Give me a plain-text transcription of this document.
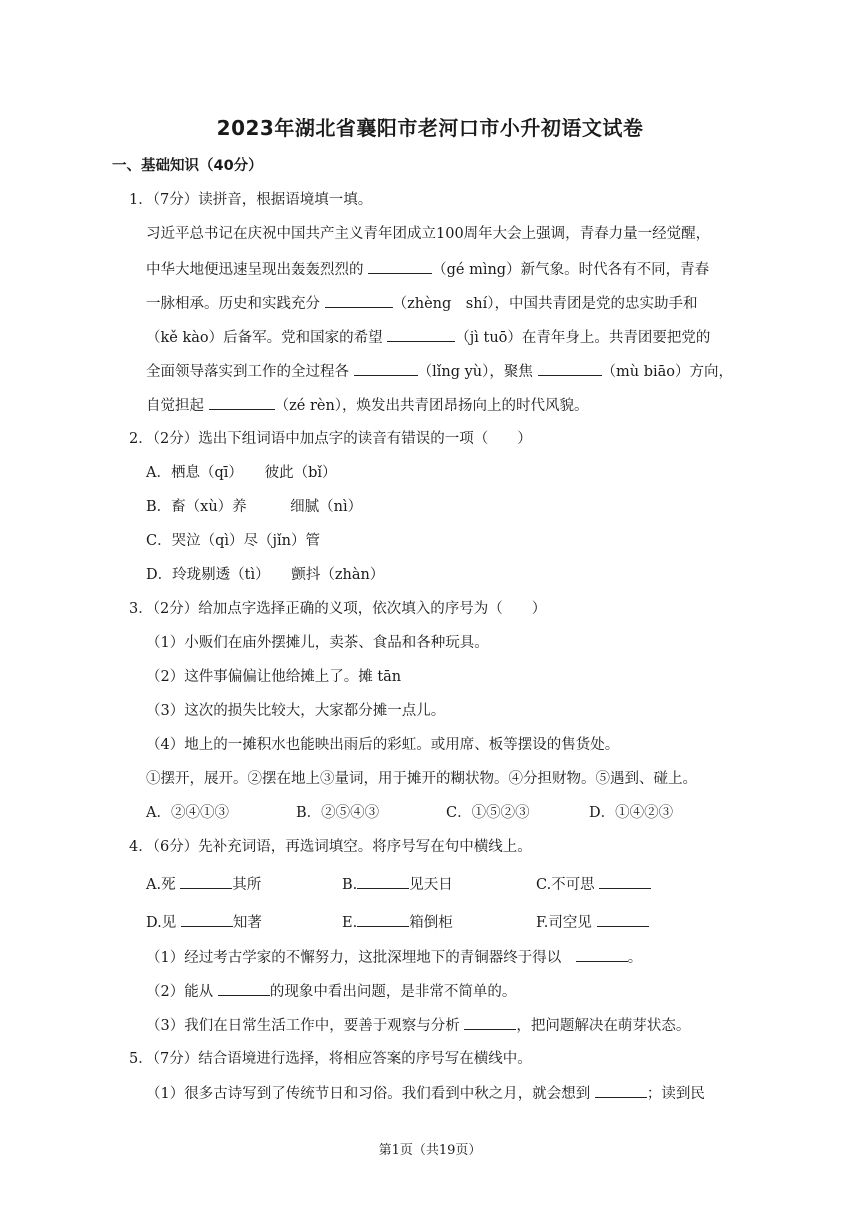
2023年湖北省襄阳市老河口市小升初语文试卷
一、基础知识（40分）
1．（7分）读拼音，根据语境填一填。
习近平总书记在庆祝中国共产主义青年团成立100周年大会上强调，青春力量一经觉醒，
中华大地便迅速呈现出轰轰烈烈的	（gé mìng）新气象。时代各有不同，青春
一脉相承。历史和实践充分	（zhèng　shí），中国共青团是党的忠实助手和
（kě kào）后备军。党和国家的希望	（jì tuō）在青年身上。共青团要把党的
全面领导落实到工作的全过程各	（lǐng yù），聚焦	（mù biāo）方向，
自觉担起	（zé rèn），焕发出共青团昂扬向上的时代风貌。
2．（2分）选出下组词语中加点字的读音有错误的一项（　　）
A．栖息（qī）　　彼此（bǐ）
B．畜（xù）养　　　细腻（nì）
C．哭泣（qì）尽（jǐn）管
D．玲珑剔透（tì）　　颤抖（zhàn）
3．（2分）给加点字选择正确的义项，依次填入的序号为（　　）
（1）小贩们在庙外摆摊儿，卖茶、食品和各种玩具。
（2）这件事偏偏让他给摊上了。摊 tān
（3）这次的损失比较大，大家都分摊一点儿。
（4）地上的一摊积水也能映出雨后的彩虹。或用席、板等摆设的售货处。
①摆开，展开。②摆在地上③量词，用于摊开的糊状物。④分担财物。⑤遇到、碰上。
A．②④①③	B．②⑤④③	C．①⑤②③	D．①④②③
4．（6分）先补充词语，再选词填空。将序号写在句中横线上。
A.死	其所	B.	见天日	C.不可思
D.见	知著	E.	箱倒柜	F.司空见
（1）经过考古学家的不懈努力，这批深埋地下的青铜器终于得以　	。
（2）能从	的现象中看出问题，是非常不简单的。
（3）我们在日常生活工作中，要善于观察与分析	，把问题解决在萌芽状态。
5．（7分）结合语境进行选择，将相应答案的序号写在横线中。
（1）很多古诗写到了传统节日和习俗。我们看到中秋之月，就会想到	；读到民
第1页（共19页）
